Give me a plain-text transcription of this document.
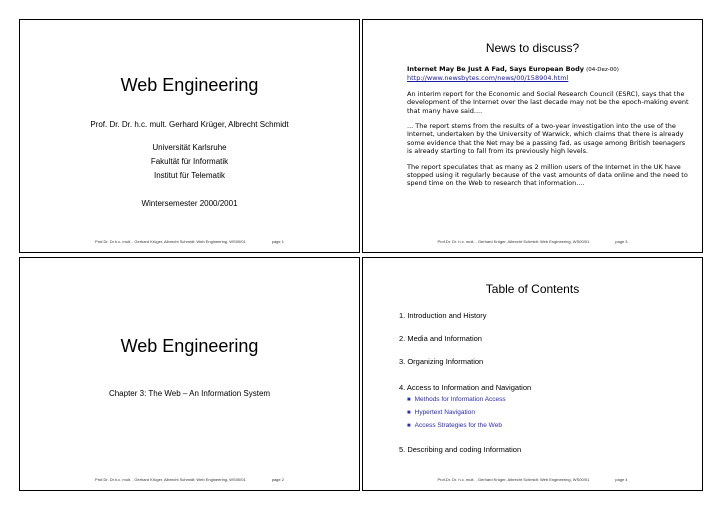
Web Engineering
Prof. Dr. Dr. h.c. mult. Gerhard Krüger, Albrecht Schmidt
Universität Karlsruhe
Fakultät für Informatik
Institut für Telematik
Wintersemester 2000/2001
Prof.Dr. Dr.h.c. mult. . Gerhard Krüger, Albrecht Schmidt: Web Engineering, WS00/01	page 1
News to discuss?
Internet May Be Just A Fad, Says European Body (04-Dez-00)
http://www.newsbytes.com/news/00/158904.html
An interim report for the Economic and Social Research Council (ESRC), says that the development of the Internet over the last decade may not be the epoch-making event that many have said....
... The report stems from the results of a two-year investigation into the use of the Internet, undertaken by the University of Warwick, which claims that there is already some evidence that the Net may be a passing fad, as usage among British teenagers is already starting to fall from its previously high levels.
The report speculates that as many as 2 million users of the Internet in the UK have stopped using it regularly because of the vast amounts of data online and the need to spend time on the Web to research that information....
Prof.Dr. Dr. h.c. mult. . Gerhard Krüger, Albrecht Schmidt: Web Engineering, WS00/01	page 3
Web Engineering
Chapter 3: The Web – An Information System
Prof.Dr. Dr.h.c. mult. . Gerhard Krüger, Albrecht Schmidt: Web Engineering, WS00/01	page 2
Table of Contents
1. Introduction and History
2. Media and Information
3. Organizing Information
4. Access to Information and Navigation
■ Methods for Information Access
■ Hypertext Navigation
■ Access Strategies for the Web
5. Describing and coding Information
Prof.Dr. Dr. h.c. mult. . Gerhard Krüger, Albrecht Schmidt: Web Engineering, WS00/01	page 4
